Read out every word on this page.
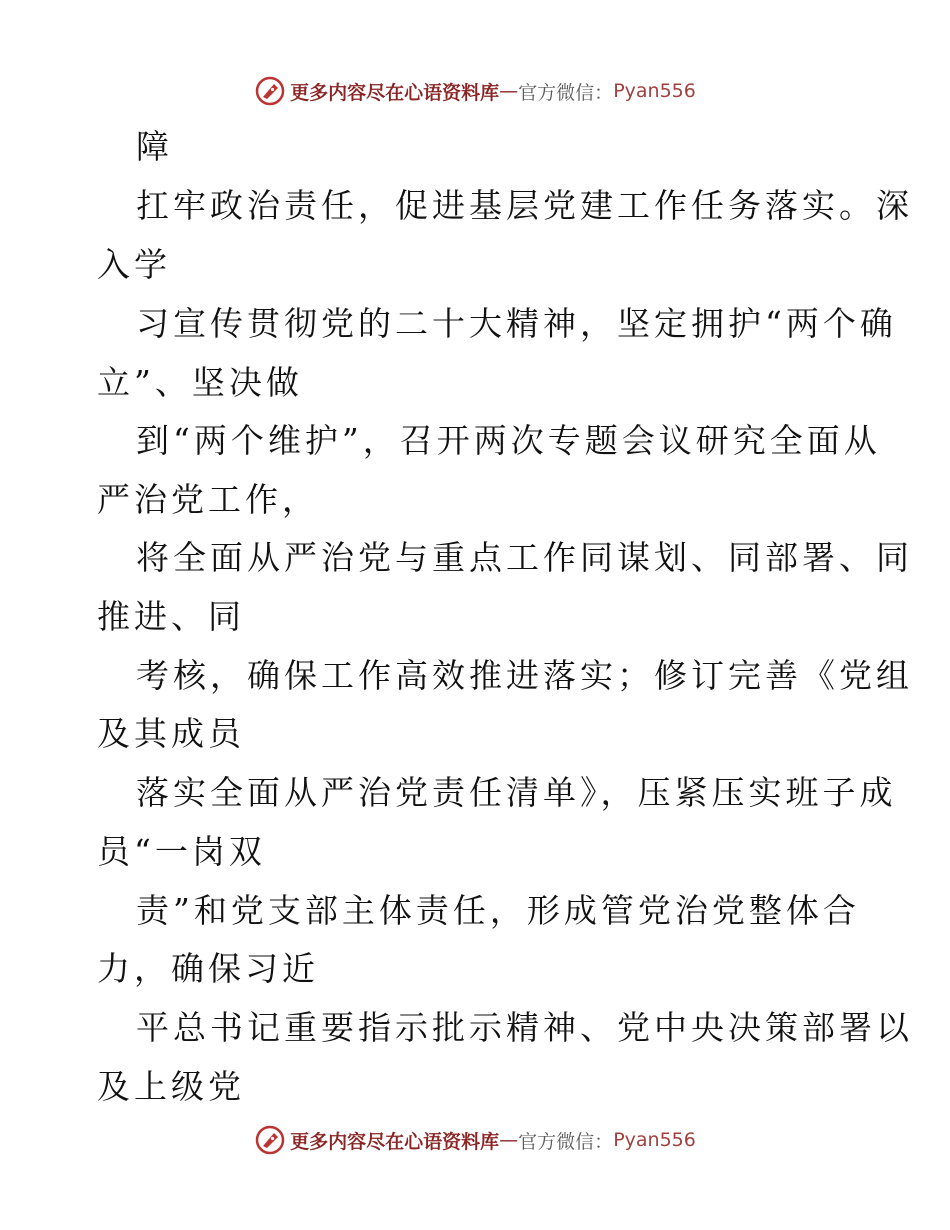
更多内容尽在心语资料库 — 官方微信： Pyan556
障
扛牢政治责任，促进基层党建工作任务落实。深
入学
习宣传贯彻党的二十大精神，坚定拥护“两个确
立”、坚决做
到“两个维护”，召开两次专题会议研究全面从
严治党工作，
将全面从严治党与重点工作同谋划、同部署、同
推进、同
考核，确保工作高效推进落实；修订完善《党组
及其成员
落实全面从严治党责任清单》，压紧压实班子成
员“一岗双
责”和党支部主体责任，形成管党治党整体合
力，确保习近
平总书记重要指示批示精神、党中央决策部署以
及上级党
更多内容尽在心语资料库 — 官方微信： Pyan556
